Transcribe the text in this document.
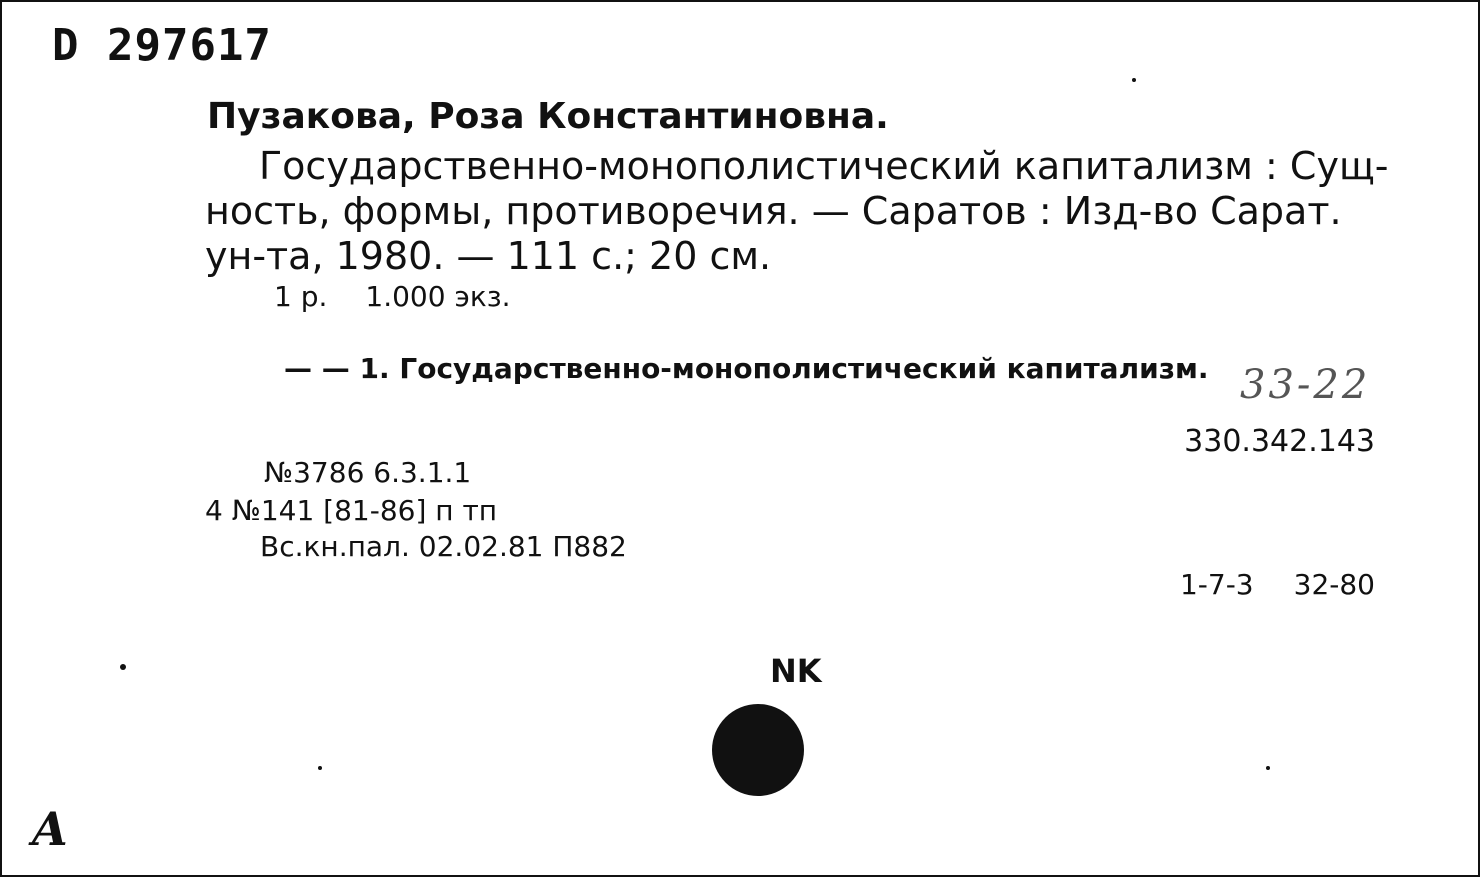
D 297617
Пузакова, Роза Константиновна.
Государственно-монополистический капитализм : Сущ-
ность, формы, противоречия. — Саратов : Изд-во Сарат.
ун-та, 1980. — 111 с.; 20 см.
1 р. 1.000 экз.
— — 1. Государственно-монополистический капитализм. 33-22
330.342.143
№3786 6.3.1.1
4 №141 [81-86] п тп
Вс.кн.пал. 02.02.81 П882
1-7-3 32-80
NK
A
